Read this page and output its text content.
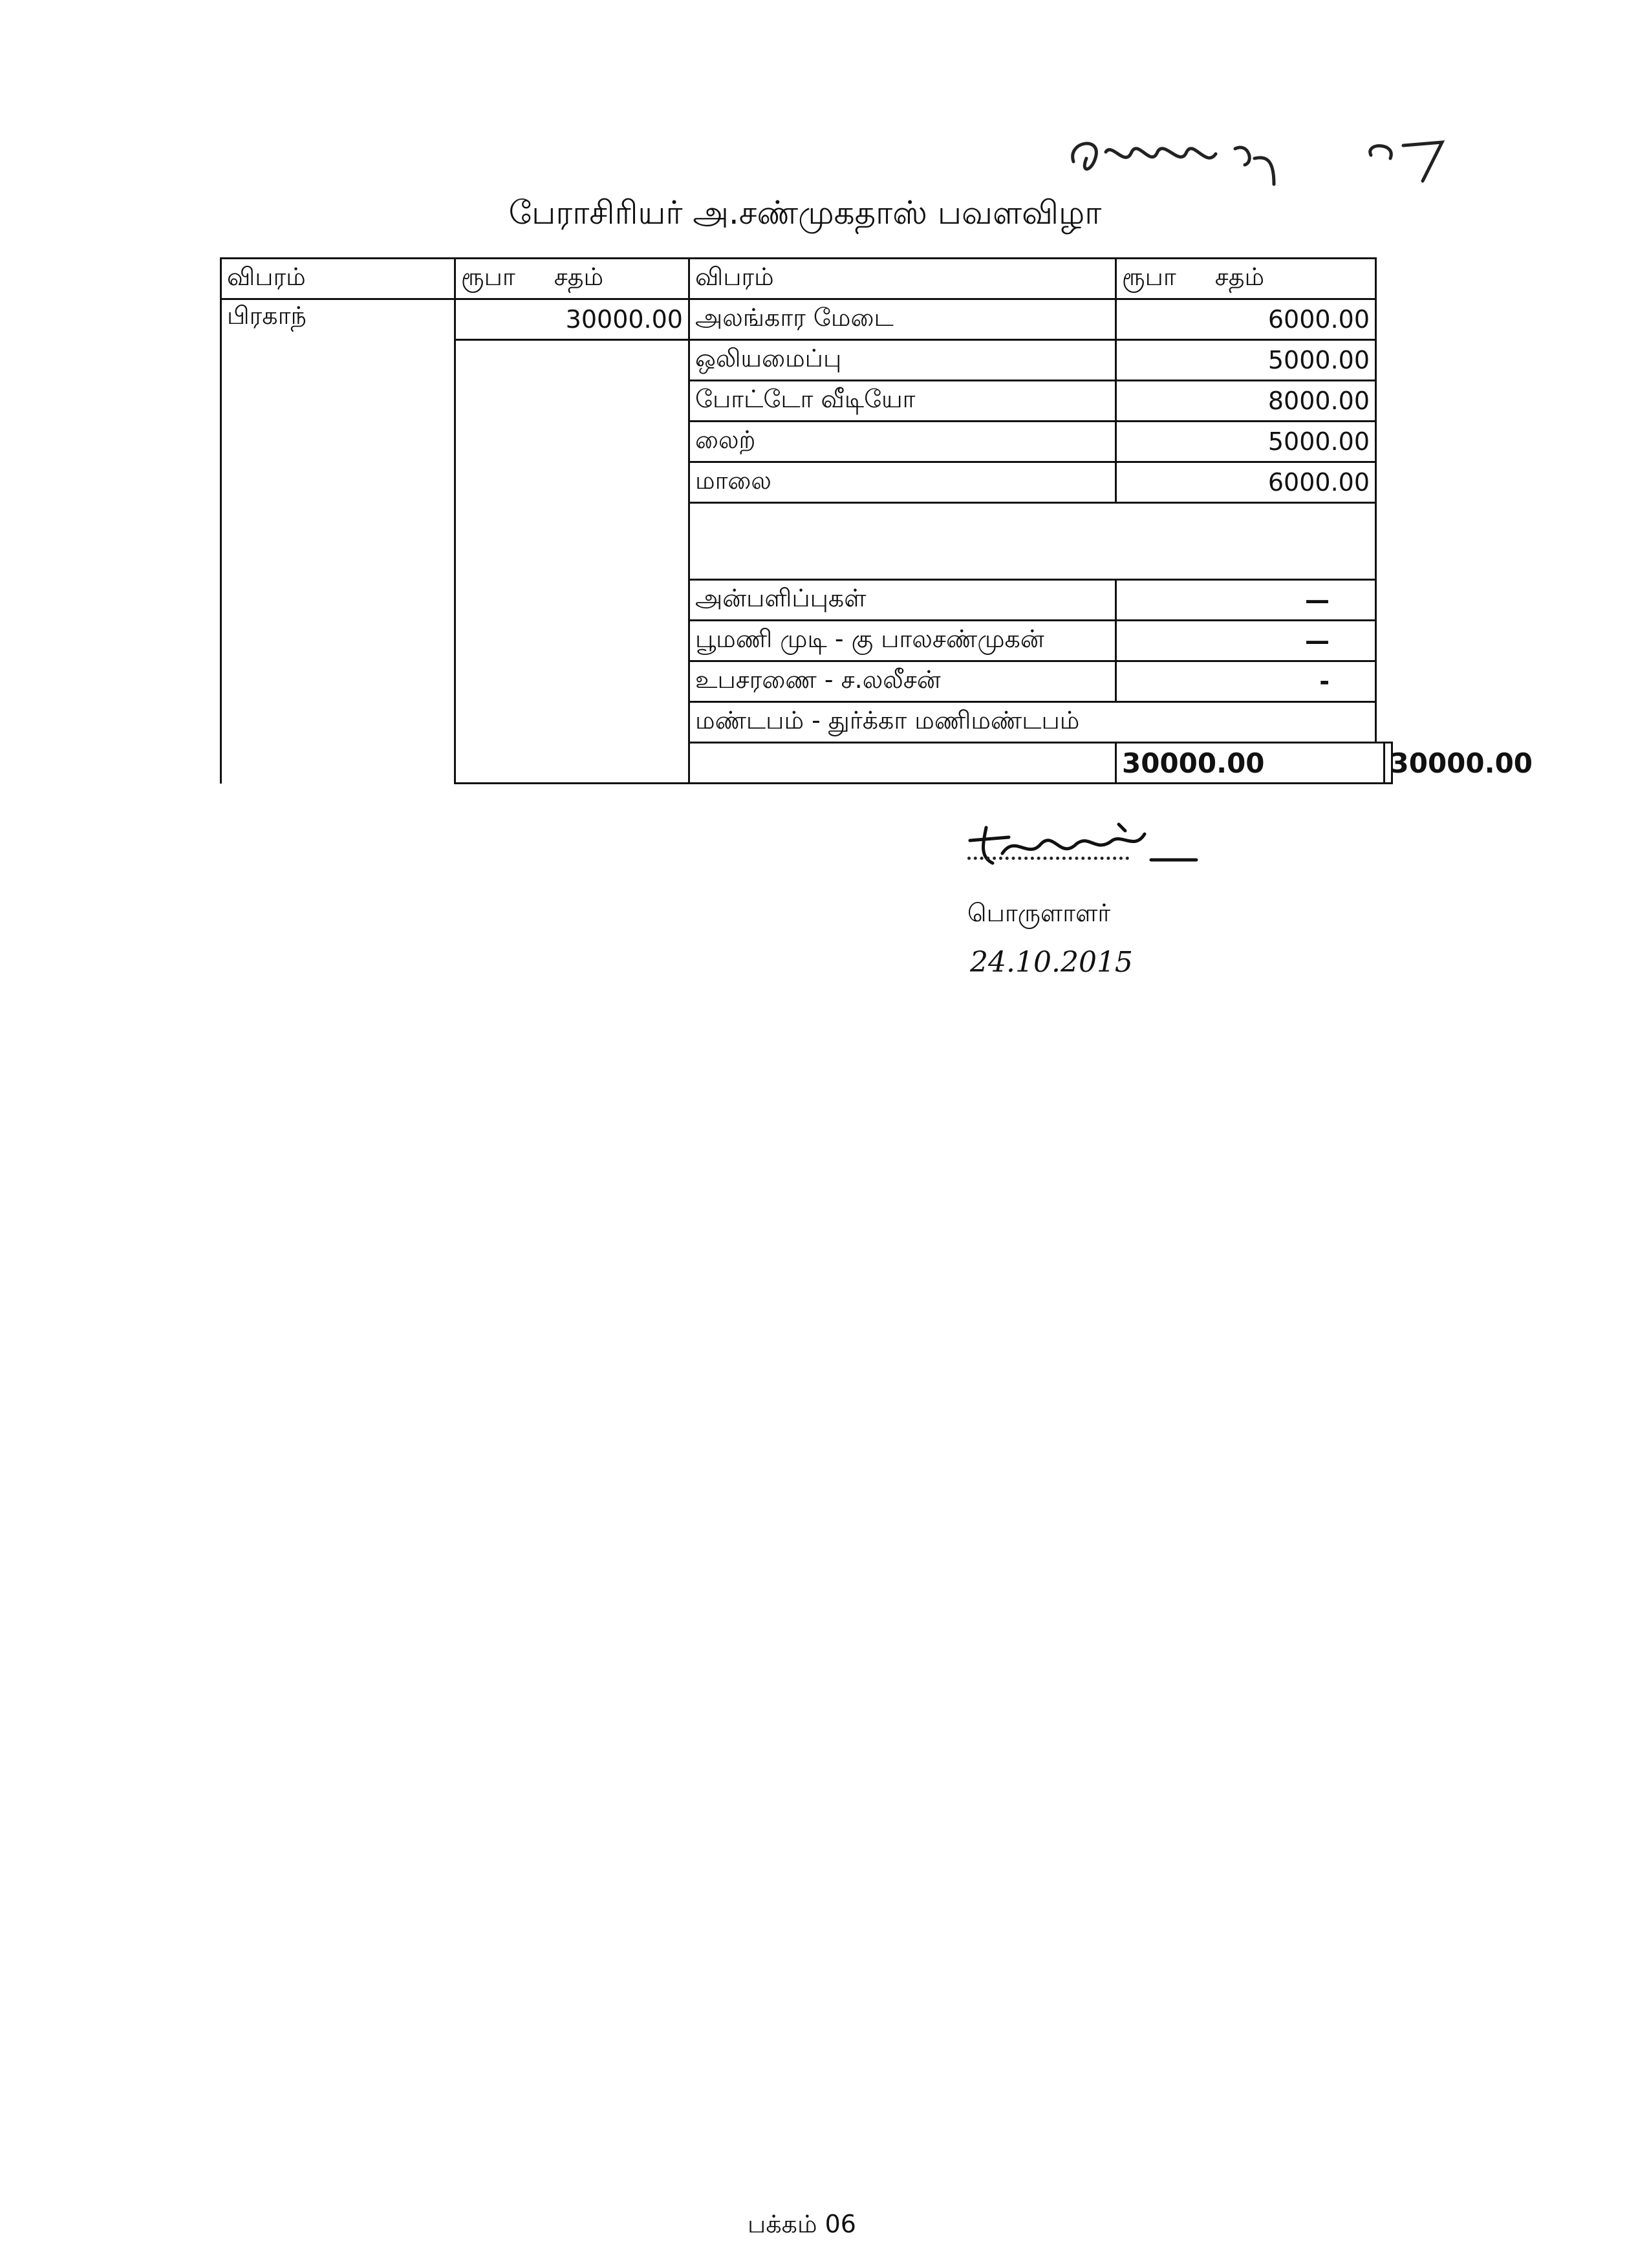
பேராசிரியர் அ.சண்முகதாஸ் பவளவிழா
விபரம்	ரூபா சதம்	விபரம்	ரூபா சதம்	

பிரகாந்	30000.00	அலங்கார மேடை	6000.00	
		ஒலியமைப்பு	5000.00	
		போட்டோ வீடியோ	8000.00	
		லைற்	5000.00	
		மாலை	6000.00	

		அன்பளிப்புகள்	—	
		பூமணி முடி - கு பாலசண்முகன்	—	
		உபசரணை - ச.லலீசன்	-	
		மண்டபம் - துர்க்கா மணிமண்டபம்		
			30000.00	30000.00
பொருளாளர்
24.10.2015
பக்கம் 06
